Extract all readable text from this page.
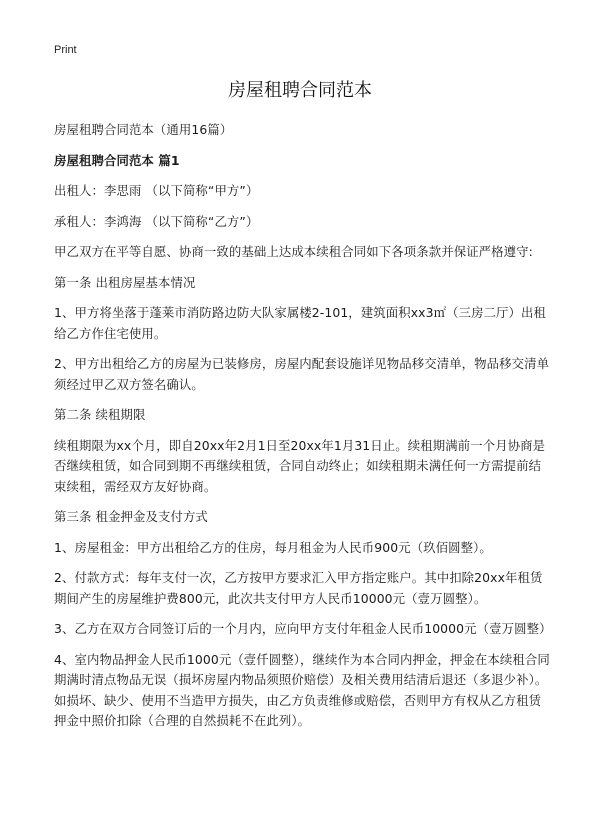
Print
房屋租聘合同范本

房屋租聘合同范本（通用16篇）

房屋租聘合同范本 篇1

出租人：李思雨 （以下简称“甲方”）

承租人：李鸿海 （以下简称“乙方”）

甲乙双方在平等自愿、协商一致的基础上达成本续租合同如下各项条款并保证严格遵守:

第一条 出租房屋基本情况

1、甲方将坐落于蓬莱市消防路边防大队家属楼2-101，建筑面积xx3㎡（三房二厅）出租给乙方作住宅使用。

2、甲方出租给乙方的房屋为已装修房，房屋内配套设施详见物品移交清单，物品移交清单须经过甲乙双方签名确认。

第二条 续租期限

续租期限为xx个月，即自20xx年2月1日至20xx年1月31日止。续租期满前一个月协商是否继续租赁，如合同到期不再继续租赁，合同自动终止；如续租期未满任何一方需提前结束续租，需经双方友好协商。

第三条 租金押金及支付方式

1、房屋租金：甲方出租给乙方的住房，每月租金为人民币900元（玖佰圆整）。

2、付款方式：每年支付一次，乙方按甲方要求汇入甲方指定账户。其中扣除20xx年租赁期间产生的房屋维护费800元，此次共支付甲方人民币10000元（壹万圆整）。

3、乙方在双方合同签订后的一个月内，应向甲方支付年租金人民币10000元（壹万圆整）

4、室内物品押金人民币1000元（壹仟圆整），继续作为本合同内押金，押金在本续租合同期满时清点物品无误（损坏房屋内物品须照价赔偿）及相关费用结清后退还（多退少补）。如损坏、缺少、使用不当造甲方损失，由乙方负责维修或赔偿，否则甲方有权从乙方租赁押金中照价扣除（合理的自然损耗不在此列）。
